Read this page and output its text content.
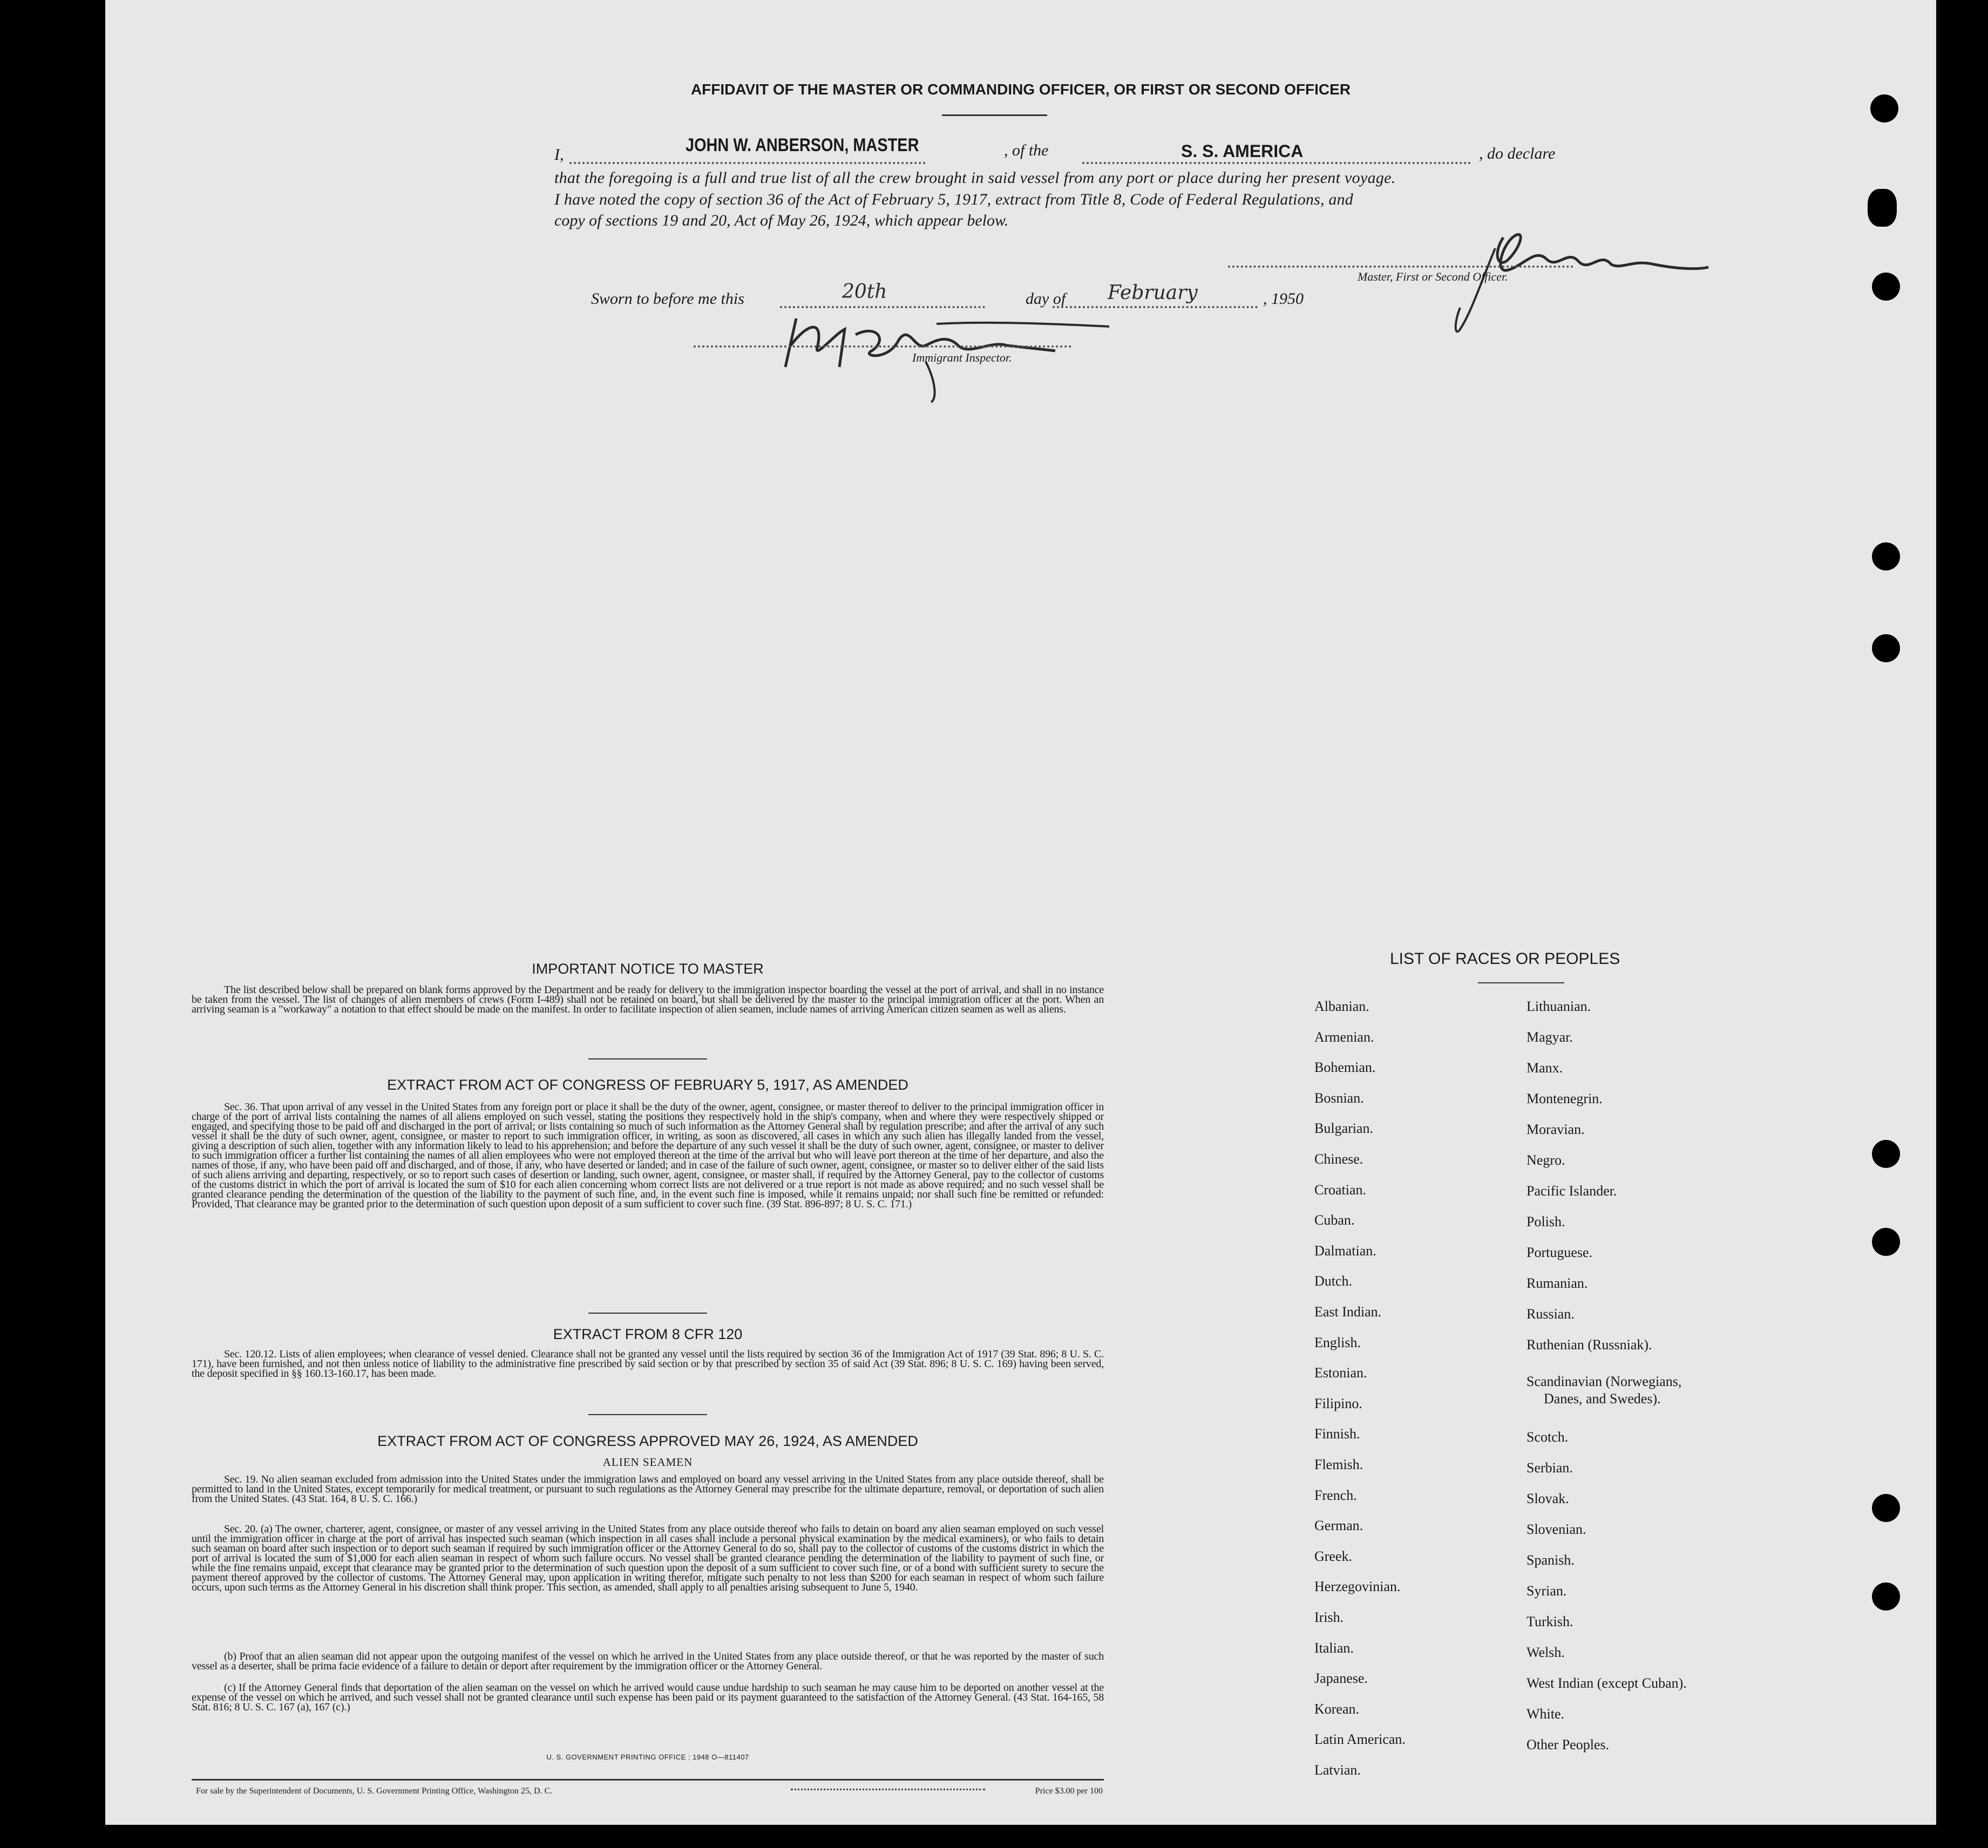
AFFIDAVIT OF THE MASTER OR COMMANDING OFFICER, OR FIRST OR SECOND OFFICER
I,	JOHN W. ANBERSON, MASTER	, of the	S. S. AMERICA	, do declare
that the foregoing is a full and true list of all the crew brought in said vessel from any port or place during her present voyage.
I have noted the copy of section 36 of the Act of February 5, 1917, extract from Title 8, Code of Federal Regulations, and
copy of sections 19 and 20, Act of May 26, 1924, which appear below.
Master, First or Second Officer.
Sworn to before me this	20th	day of February	, 1950
Immigrant Inspector.
IMPORTANT NOTICE TO MASTER
The list described below shall be prepared on blank forms approved by the Department and be ready for delivery to the immigration inspector boarding the vessel at the port of arrival, and shall in no instance be taken from the vessel. The list of changes of alien members of crews (Form I-489) shall not be retained on board, but shall be delivered by the master to the principal immigration officer at the port. When an arriving seaman is a "workaway" a notation to that effect should be made on the manifest. In order to facilitate inspection of alien seamen, include names of arriving American citizen seamen as well as aliens.
EXTRACT FROM ACT OF CONGRESS OF FEBRUARY 5, 1917, AS AMENDED
Sec. 36. That upon arrival of any vessel in the United States from any foreign port or place it shall be the duty of the owner, agent, consignee, or master thereof to deliver to the principal immigration officer in charge of the port of arrival lists containing the names of all aliens employed on such vessel, stating the positions they respectively hold in the ship's company, when and where they were respectively shipped or engaged, and specifying those to be paid off and discharged in the port of arrival; or lists containing so much of such information as the Attorney General shall by regulation prescribe; and after the arrival of any such vessel it shall be the duty of such owner, agent, consignee, or master to report to such immigration officer, in writing, as soon as discovered, all cases in which any such alien has illegally landed from the vessel, giving a description of such alien, together with any information likely to lead to his apprehension; and before the departure of any such vessel it shall be the duty of such owner, agent, consignee, or master to deliver to such immigration officer a further list containing the names of all alien employees who were not employed thereon at the time of the arrival but who will leave port thereon at the time of her departure, and also the names of those, if any, who have been paid off and discharged, and of those, if any, who have deserted or landed; and in case of the failure of such owner, agent, consignee, or master so to deliver either of the said lists of such aliens arriving and departing, respectively, or so to report such cases of desertion or landing, such owner, agent, consignee, or master shall, if required by the Attorney General, pay to the collector of customs of the customs district in which the port of arrival is located the sum of $10 for each alien concerning whom correct lists are not delivered or a true report is not made as above required; and no such vessel shall be granted clearance pending the determination of the question of the liability to the payment of such fine, and, in the event such fine is imposed, while it remains unpaid; nor shall such fine be remitted or refunded: Provided, That clearance may be granted prior to the determination of such question upon deposit of a sum sufficient to cover such fine. (39 Stat. 896-897; 8 U. S. C. 171.)
EXTRACT FROM 8 CFR 120
Sec. 120.12. Lists of alien employees; when clearance of vessel denied. Clearance shall not be granted any vessel until the lists required by section 36 of the Immigration Act of 1917 (39 Stat. 896; 8 U. S. C. 171), have been furnished, and not then unless notice of liability to the administrative fine prescribed by said section or by that prescribed by section 35 of said Act (39 Stat. 896; 8 U. S. C. 169) having been served, the deposit specified in §§ 160.13-160.17, has been made.
EXTRACT FROM ACT OF CONGRESS APPROVED MAY 26, 1924, AS AMENDED
ALIEN SEAMEN
Sec. 19. No alien seaman excluded from admission into the United States under the immigration laws and employed on board any vessel arriving in the United States from any place outside thereof, shall be permitted to land in the United States, except temporarily for medical treatment, or pursuant to such regulations as the Attorney General may prescribe for the ultimate departure, removal, or deportation of such alien from the United States. (43 Stat. 164, 8 U. S. C. 166.)
Sec. 20. (a) The owner, charterer, agent, consignee, or master of any vessel arriving in the United States from any place outside thereof who fails to detain on board any alien seaman employed on such vessel until the immigration officer in charge at the port of arrival has inspected such seaman (which inspection in all cases shall include a personal physical examination by the medical examiners), or who fails to detain such seaman on board after such inspection or to deport such seaman if required by such immigration officer or the Attorney General to do so, shall pay to the collector of customs of the customs district in which the port of arrival is located the sum of $1,000 for each alien seaman in respect of whom such failure occurs. No vessel shall be granted clearance pending the determination of the liability to payment of such fine, or while the fine remains unpaid, except that clearance may be granted prior to the determination of such question upon the deposit of a sum sufficient to cover such fine, or of a bond with sufficient surety to secure the payment thereof approved by the collector of customs. The Attorney General may, upon application in writing therefor, mitigate such penalty to not less than $200 for each seaman in respect of whom such failure occurs, upon such terms as the Attorney General in his discretion shall think proper. This section, as amended, shall apply to all penalties arising subsequent to June 5, 1940.
(b) Proof that an alien seaman did not appear upon the outgoing manifest of the vessel on which he arrived in the United States from any place outside thereof, or that he was reported by the master of such vessel as a deserter, shall be prima facie evidence of a failure to detain or deport after requirement by the immigration officer or the Attorney General.
(c) If the Attorney General finds that deportation of the alien seaman on the vessel on which he arrived would cause undue hardship to such seaman he may cause him to be deported on another vessel at the expense of the vessel on which he arrived, and such vessel shall not be granted clearance until such expense has been paid or its payment guaranteed to the satisfaction of the Attorney General. (43 Stat. 164-165, 58 Stat. 816; 8 U. S. C. 167 (a), 167 (c).)
U. S. GOVERNMENT PRINTING OFFICE : 1948 O—811407
For sale by the Superintendent of Documents, U. S. Government Printing Office, Washington 25, D. C.	Price $3.00 per 100
LIST OF RACES OR PEOPLES
Albanian.
Armenian.
Bohemian.
Bosnian.
Bulgarian.
Chinese.
Croatian.
Cuban.
Dalmatian.
Dutch.
East Indian.
English.
Estonian.
Filipino.
Finnish.
Flemish.
French.
German.
Greek.
Herzegovinian.
Irish.
Italian.
Japanese.
Korean.
Latin American.
Latvian.
Lithuanian.
Magyar.
Manx.
Montenegrin.
Moravian.
Negro.
Pacific Islander.
Polish.
Portuguese.
Rumanian.
Russian.
Ruthenian (Russniak).
Scandinavian (Norwegians,
Danes, and Swedes).
Scotch.
Serbian.
Slovak.
Slovenian.
Spanish.
Syrian.
Turkish.
Welsh.
West Indian (except Cuban).
White.
Other Peoples.
